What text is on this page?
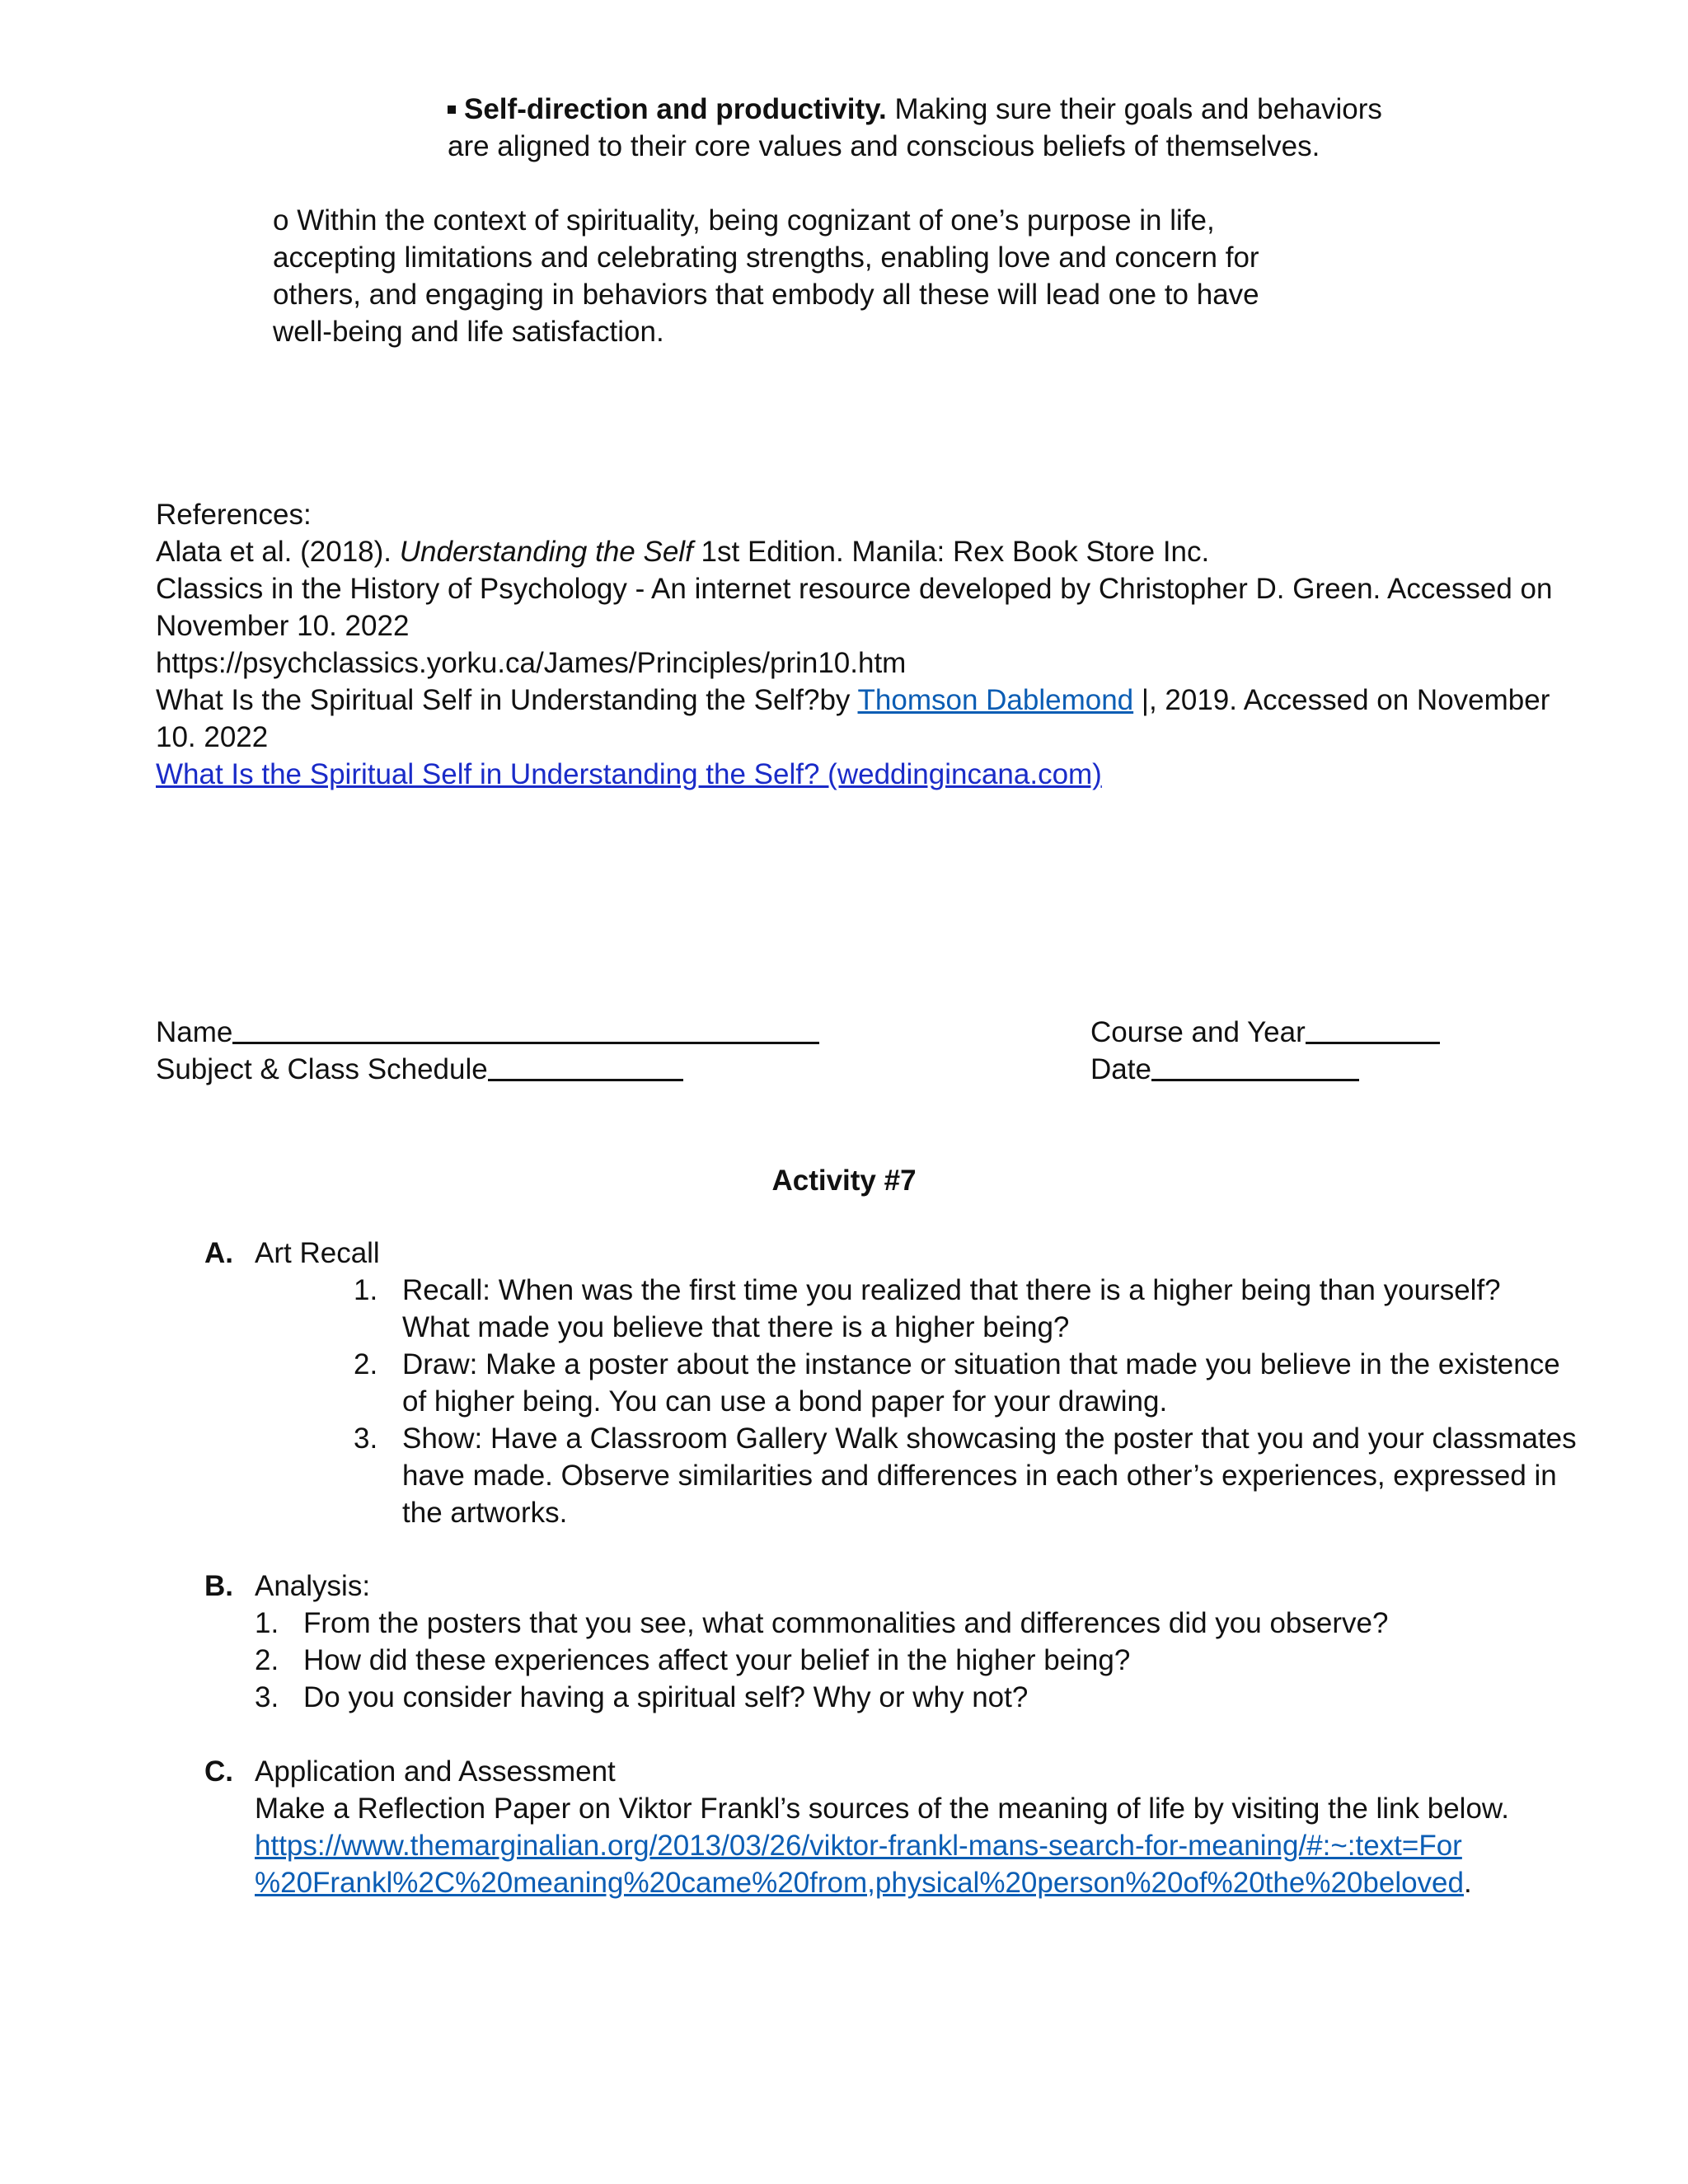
Self-direction and productivity. Making sure their goals and behaviors
are aligned to their core values and conscious beliefs of themselves.
o Within the context of spirituality, being cognizant of one’s purpose in life,
accepting limitations and celebrating strengths, enabling love and concern for
others, and engaging in behaviors that embody all these will lead one to have
well-being and life satisfaction.
References:
Alata et al. (2018). Understanding the Self 1st Edition. Manila: Rex Book Store Inc.
Classics in the History of Psychology - An internet resource developed by Christopher D. Green. Accessed on
November 10. 2022
https://psychclassics.yorku.ca/James/Principles/prin10.htm
What Is the Spiritual Self in Understanding the Self?by Thomson Dablemond |, 2019. Accessed on November
10. 2022
What Is the Spiritual Self in Understanding the Self? (weddingincana.com)
Name	Course and Year
Subject & Class Schedule	Date
Activity #7
A. Art Recall
1. Recall: When was the first time you realized that there is a higher being than yourself?
What made you believe that there is a higher being?
2. Draw: Make a poster about the instance or situation that made you believe in the existence
of higher being. You can use a bond paper for your drawing.
3. Show: Have a Classroom Gallery Walk showcasing the poster that you and your classmates
have made. Observe similarities and differences in each other’s experiences, expressed in
the artworks.
B. Analysis:
1. From the posters that you see, what commonalities and differences did you observe?
2. How did these experiences affect your belief in the higher being?
3. Do you consider having a spiritual self? Why or why not?
C. Application and Assessment
Make a Reflection Paper on Viktor Frankl’s sources of the meaning of life by visiting the link below.
https://www.themarginalian.org/2013/03/26/viktor-frankl-mans-search-for-meaning/#:~:text=For
%20Frankl%2C%20meaning%20came%20from,physical%20person%20of%20the%20beloved.
